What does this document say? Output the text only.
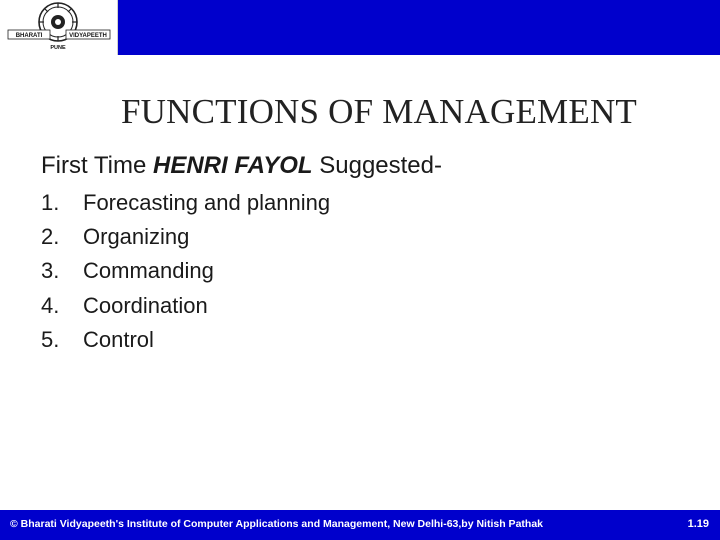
BHARATI	VIDYAPEETH
PUNE
FUNCTIONS OF MANAGEMENT
First Time HENRI FAYOL Suggested-
1. Forecasting and planning
2. Organizing
3. Commanding
4. Coordination
5. Control
© Bharati Vidyapeeth's Institute of Computer Applications and Management, New Delhi-63,by Nitish Pathak	1.19
